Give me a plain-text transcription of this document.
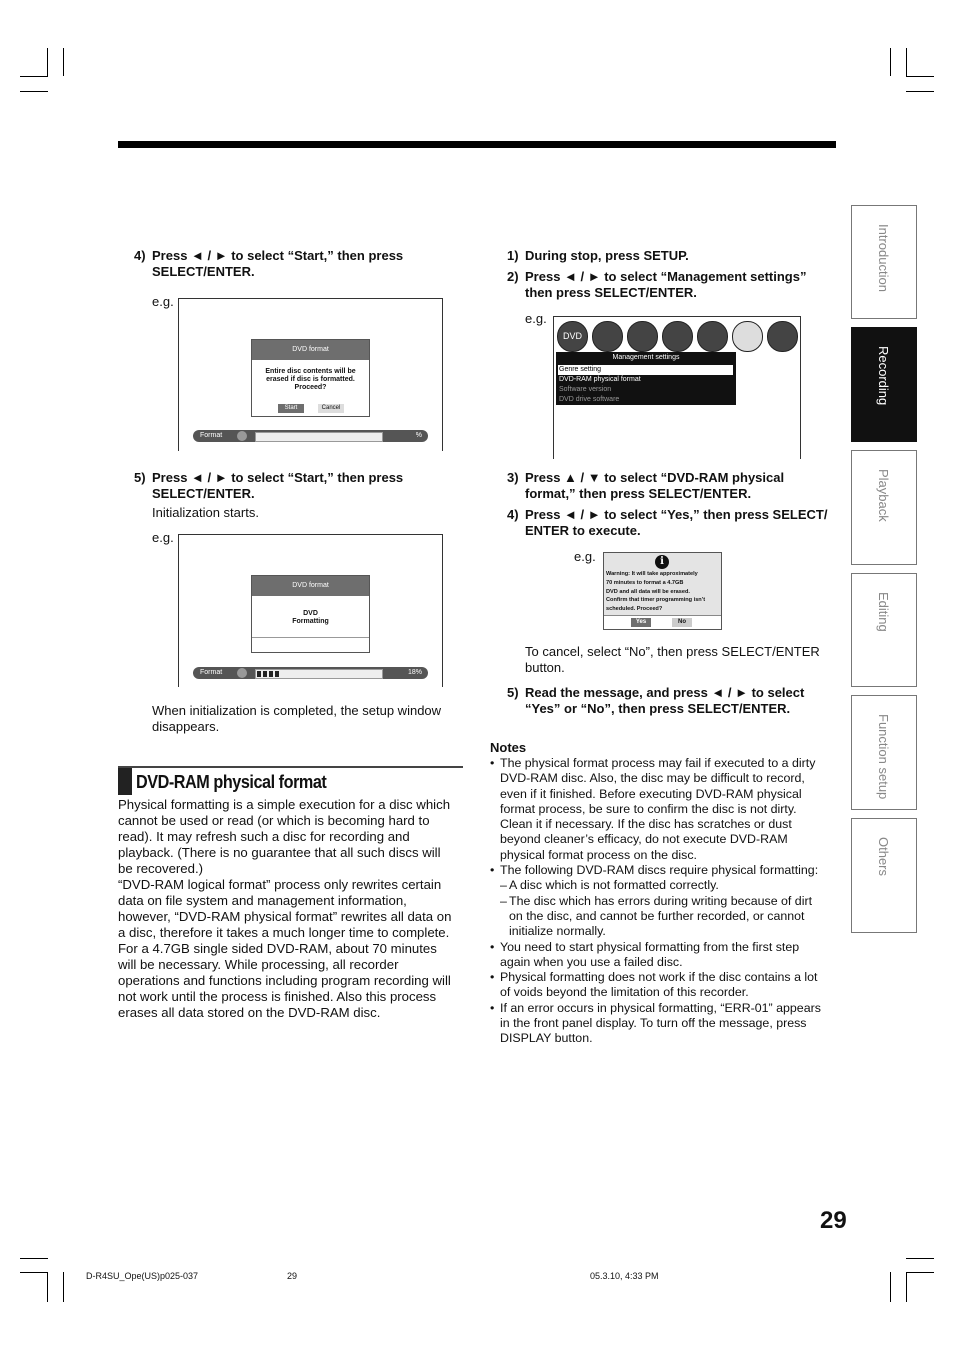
Introduction
Recording
Playback
Editing
Function setup
Others
4) Press ◄ / ► to select “Start,” then press
SELECT/ENTER.
e.g.
DVD format
Entire disc contents will be
erased if disc is formatted.
Proceed?
Start	Cancel
Format	%
5) Press ◄ / ► to select “Start,” then press
SELECT/ENTER.
Initialization starts.
e.g.
DVD format
DVD
Formatting
Format	18%
When initialization is completed, the setup window
disappears.
DVD-RAM physical format
Physical formatting is a simple execution for a disc which
cannot be used or read (or which is becoming hard to
read). It may refresh such a disc for recording and
playback. (There is no guarantee that all such discs will
be recovered.)
“DVD-RAM logical format” process only rewrites certain
data on file system and management information,
however, “DVD-RAM physical format” rewrites all data on
a disc, therefore it takes a much longer time to complete.
For a 4.7GB single sided DVD-RAM, about 70 minutes
will be necessary. While processing, all recorder
operations and functions including program recording will
not work until the process is finished. Also this process
erases all data stored on the DVD-RAM disc.
1) During stop, press SETUP.
2) Press ◄ / ► to select “Management settings”
then press SELECT/ENTER.
e.g.
DVD
Management settings
Genre setting
DVD-RAM physical format
Software version
DVD drive software
3) Press ▲ / ▼ to select “DVD-RAM physical
format,” then press SELECT/ENTER.
4) Press ◄ / ► to select “Yes,” then press SELECT/
ENTER to execute.
e.g.	i
Warning: It will take approximately
70 minutes to format a 4.7GB
DVD and all data will be erased.
Confirm that timer programming isn’t
scheduled. Proceed?
Yes	No
To cancel, select “No”, then press SELECT/ENTER
button.
5) Read the message, and press ◄ / ► to select
“Yes” or “No”, then press SELECT/ENTER.
Notes
• The physical format process may fail if executed to a dirty
DVD-RAM disc. Also, the disc may be difficult to record,
even if it finished. Before executing DVD-RAM physical
format process, be sure to confirm the disc is not dirty.
Clean it if necessary. If the disc has scratches or dust
beyond cleaner’s efficacy, do not execute DVD-RAM
physical format process on the disc.
• The following DVD-RAM discs require physical formatting:
– A disc which is not formatted correctly.
– The disc which has errors during writing because of dirt
on the disc, and cannot be further recorded, or cannot
initialize normally.
• You need to start physical formatting from the first step
again when you use a failed disc.
• Physical formatting does not work if the disc contains a lot
of voids beyond the limitation of this recorder.
• If an error occurs in physical formatting, “ERR-01” appears
in the front panel display. To turn off the message, press
DISPLAY button.
29
D-R4SU_Ope(US)p025-037	29	05.3.10, 4:33 PM
